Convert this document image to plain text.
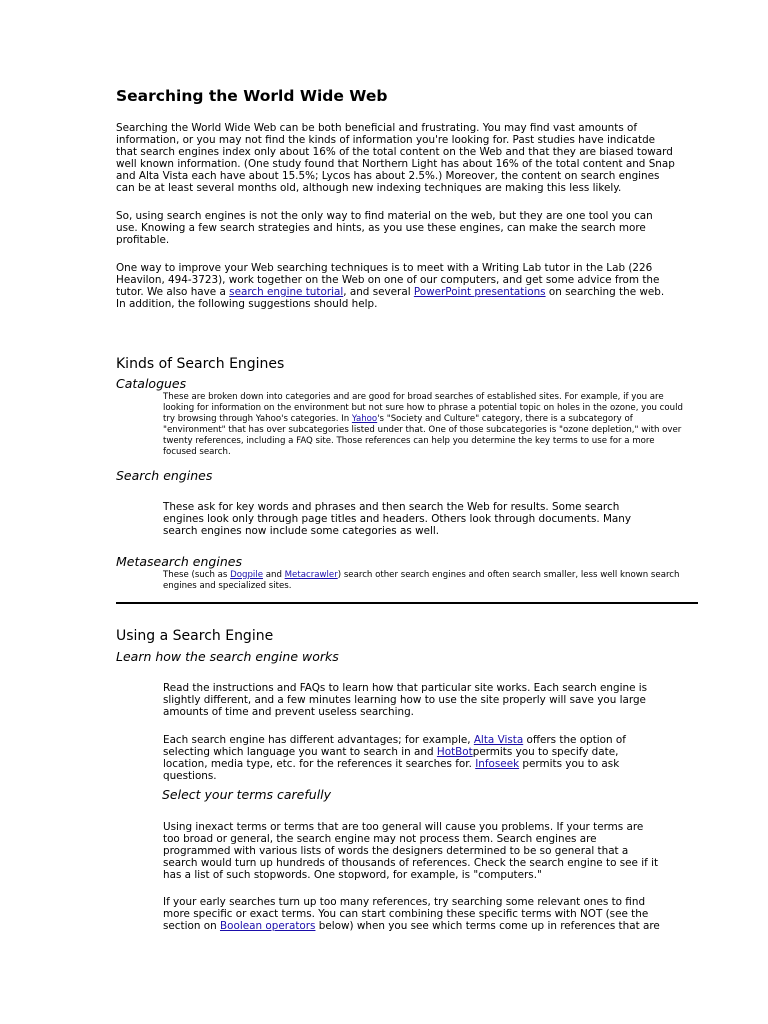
Searching the World Wide Web

Searching the World Wide Web can be both beneficial and frustrating. You may find vast amounts of information, or you may not find the kinds of information you're looking for. Past studies have indicatde that search engines index only about 16% of the total content on the Web and that they are biased toward well known information. (One study found that Northern Light has about 16% of the total content and Snap and Alta Vista each have about 15.5%; Lycos has about 2.5%.) Moreover, the content on search engines can be at least several months old, although new indexing techniques are making this less likely.

So, using search engines is not the only way to find material on the web, but they are one tool you can use. Knowing a few search strategies and hints, as you use these engines, can make the search more profitable.

One way to improve your Web searching techniques is to meet with a Writing Lab tutor in the Lab (226 Heavilon, 494-3723), work together on the Web on one of our computers, and get some advice from the tutor. We also have a search engine tutorial, and several PowerPoint presentations on searching the web. In addition, the following suggestions should help.

Kinds of Search Engines
Catalogues

These are broken down into categories and are good for broad searches of established sites. For example, if you are looking for information on the environment but not sure how to phrase a potential topic on holes in the ozone, you could try browsing through Yahoo's categories. In Yahoo's "Society and Culture" category, there is a subcategory of "environment" that has over subcategories listed under that. One of those subcategories is "ozone depletion," with over twenty references, including a FAQ site. Those references can help you determine the key terms to use for a more focused search.

Search engines

These ask for key words and phrases and then search the Web for results. Some search engines look only through page titles and headers. Others look through documents. Many search engines now include some categories as well.

Metasearch engines

These (such as Dogpile and Metacrawler) search other search engines and often search smaller, less well known search engines and specialized sites.

Using a Search Engine
Learn how the search engine works

Read the instructions and FAQs to learn how that particular site works. Each search engine is slightly different, and a few minutes learning how to use the site properly will save you large amounts of time and prevent useless searching.

Each search engine has different advantages; for example, Alta Vista offers the option of selecting which language you want to search in and HotBotpermits you to specify date, location, media type, etc. for the references it searches for. Infoseek permits you to ask questions.

Select your terms carefully

Using inexact terms or terms that are too general will cause you problems. If your terms are too broad or general, the search engine may not process them. Search engines are programmed with various lists of words the designers determined to be so general that a search would turn up hundreds of thousands of references. Check the search engine to see if it has a list of such stopwords. One stopword, for example, is "computers."

If your early searches turn up too many references, try searching some relevant ones to find more specific or exact terms. You can start combining these specific terms with NOT (see the section on Boolean operators below) when you see which terms come up in references that are
